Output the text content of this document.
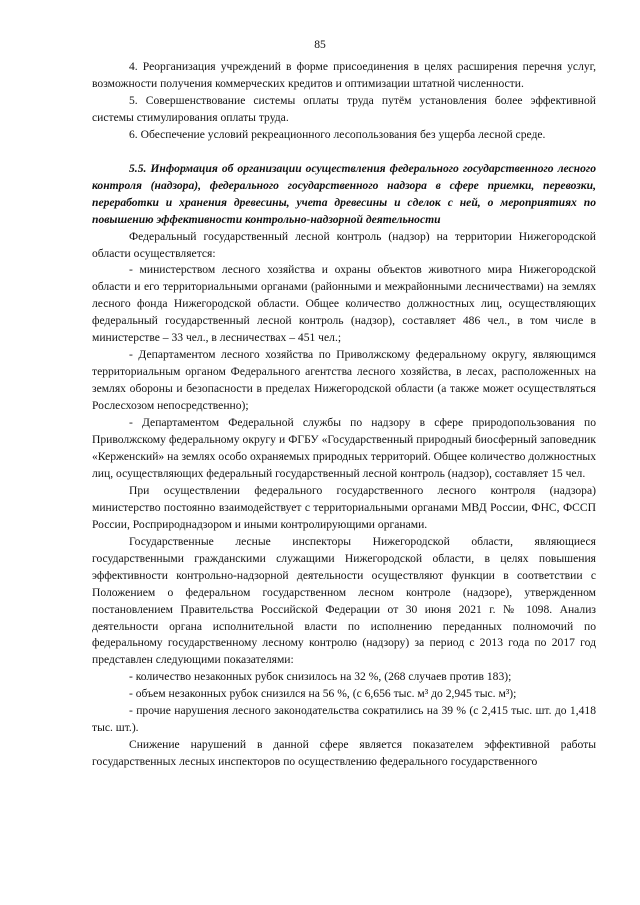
85

4. Реорганизация учреждений в форме присоединения в целях расширения перечня услуг, возможности получения коммерческих кредитов и оптимизации штатной численности.

5. Совершенствование системы оплаты труда путём установления более эффективной системы стимулирования оплаты труда.

6. Обеспечение условий рекреационного лесопользования без ущерба лесной среде.

5.5. Информация об организации осуществления федерального государственного лесного контроля (надзора), федерального государственного надзора в сфере приемки, перевозки, переработки и хранения древесины, учета древесины и сделок с ней, о мероприятиях по повышению эффективности контрольно-надзорной деятельности

Федеральный государственный лесной контроль (надзор) на территории Нижегородской области осуществляется:

- министерством лесного хозяйства и охраны объектов животного мира Нижегородской области и его территориальными органами (районными и межрайонными лесничествами) на землях лесного фонда Нижегородской области. Общее количество должностных лиц, осуществляющих федеральный государственный лесной контроль (надзор), составляет 486 чел., в том числе в министерстве – 33 чел., в лесничествах – 451 чел.;

- Департаментом лесного хозяйства по Приволжскому федеральному округу, являющимся территориальным органом Федерального агентства лесного хозяйства, в лесах, расположенных на землях обороны и безопасности в пределах Нижегородской области (а также может осуществляться Рослесхозом непосредственно);

- Департаментом Федеральной службы по надзору в сфере природопользования по Приволжскому федеральному округу и ФГБУ «Государственный природный биосферный заповедник «Керженский» на землях особо охраняемых природных территорий. Общее количество должностных лиц, осуществляющих федеральный государственный лесной контроль (надзор), составляет 15 чел.

При осуществлении федерального государственного лесного контроля (надзора) министерство постоянно взаимодействует с территориальными органами МВД России, ФНС, ФССП России, Росприроднадзором и иными контролирующими органами.

Государственные лесные инспекторы Нижегородской области, являющиеся государственными гражданскими служащими Нижегородской области, в целях повышения эффективности контрольно-надзорной деятельности осуществляют функции в соответствии с Положением о федеральном государственном лесном контроле (надзоре), утвержденном постановлением Правительства Российской Федерации от 30 июня 2021 г. № 1098. Анализ деятельности органа исполнительной власти по исполнению переданных полномочий по федеральному государственному лесному контролю (надзору) за период с 2013 года по 2017 год представлен следующими показателями:

- количество незаконных рубок снизилось на 32 %, (268 случаев против 183);

- объем незаконных рубок снизился на 56 %, (с 6,656 тыс. м³ до 2,945 тыс. м³);

- прочие нарушения лесного законодательства сократились на 39 % (с 2,415 тыс. шт. до 1,418 тыс. шт.).

Снижение нарушений в данной сфере является показателем эффективной работы государственных лесных инспекторов по осуществлению федерального государственного
